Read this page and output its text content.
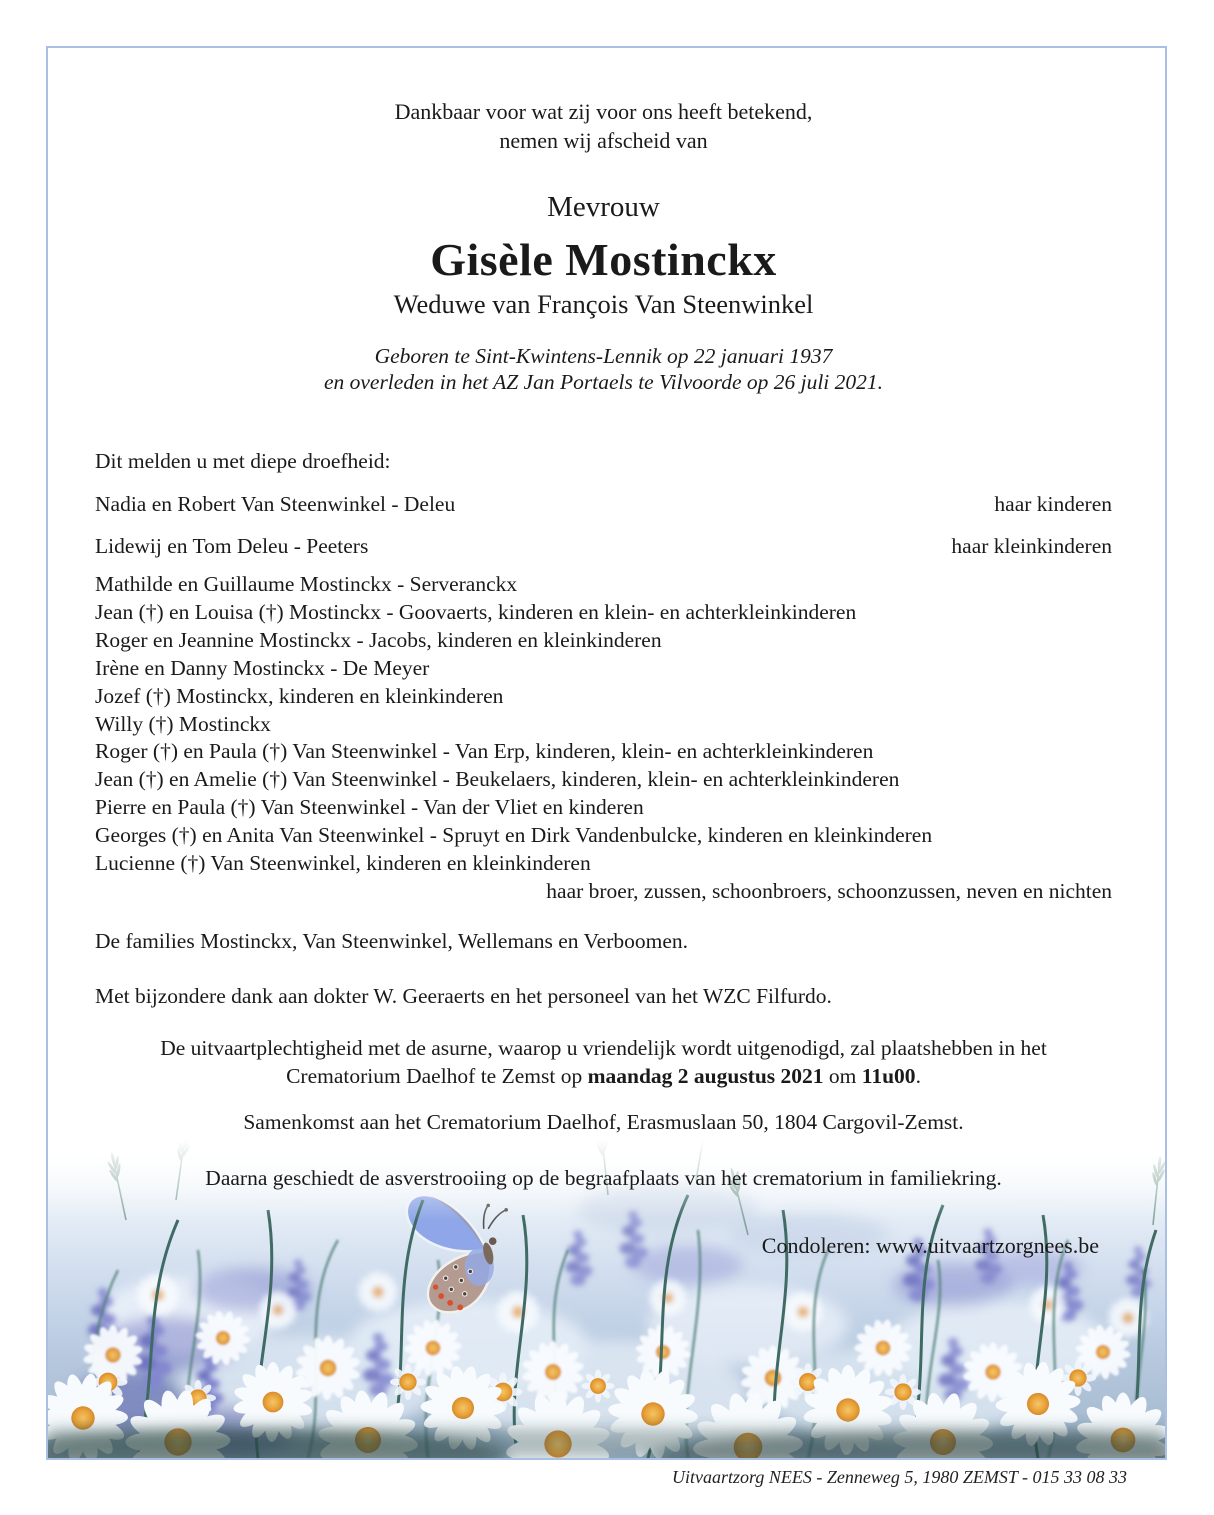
Dankbaar voor wat zij voor ons heeft betekend,
nemen wij afscheid van

Mevrouw

Gisèle Mostinckx

Weduwe van François Van Steenwinkel

Geboren te Sint-Kwintens-Lennik op 22 januari 1937
en overleden in het AZ Jan Portaels te Vilvoorde op 26 juli 2021.

Dit melden u met diepe droefheid:

Nadia en Robert Van Steenwinkel - Deleu	haar kinderen
Lidewij en Tom Deleu - Peeters	haar kleinkinderen
Mathilde en Guillaume Mostinckx - Serveranckx
Jean (†) en Louisa (†) Mostinckx - Goovaerts, kinderen en klein- en achterkleinkinderen
Roger en Jeannine Mostinckx - Jacobs, kinderen en kleinkinderen
Irène en Danny Mostinckx - De Meyer
Jozef (†) Mostinckx, kinderen en kleinkinderen
Willy (†) Mostinckx
Roger (†) en Paula (†) Van Steenwinkel - Van Erp, kinderen, klein- en achterkleinkinderen
Jean (†) en Amelie (†) Van Steenwinkel - Beukelaers, kinderen, klein- en achterkleinkinderen
Pierre en Paula (†) Van Steenwinkel - Van der Vliet en kinderen
Georges (†) en Anita Van Steenwinkel - Spruyt en Dirk Vandenbulcke, kinderen en kleinkinderen
Lucienne (†) Van Steenwinkel, kinderen en kleinkinderen
haar broer, zussen, schoonbroers, schoonzussen, neven en nichten

De families Mostinckx, Van Steenwinkel, Wellemans en Verboomen.

Met bijzondere dank aan dokter W. Geeraerts en het personeel van het WZC Filfurdo.

De uitvaartplechtigheid met de asurne, waarop u vriendelijk wordt uitgenodigd, zal plaatshebben in het
Crematorium Daelhof te Zemst op maandag 2 augustus 2021 om 11u00.

Samenkomst aan het Crematorium Daelhof, Erasmuslaan 50, 1804 Cargovil-Zemst.

Daarna geschiedt de asverstrooiing op de begraafplaats van het crematorium in familiekring.

Condoleren: www.uitvaartzorgnees.be
Uitvaartzorg NEES - Zenneweg 5, 1980 ZEMST - 015 33 08 33
